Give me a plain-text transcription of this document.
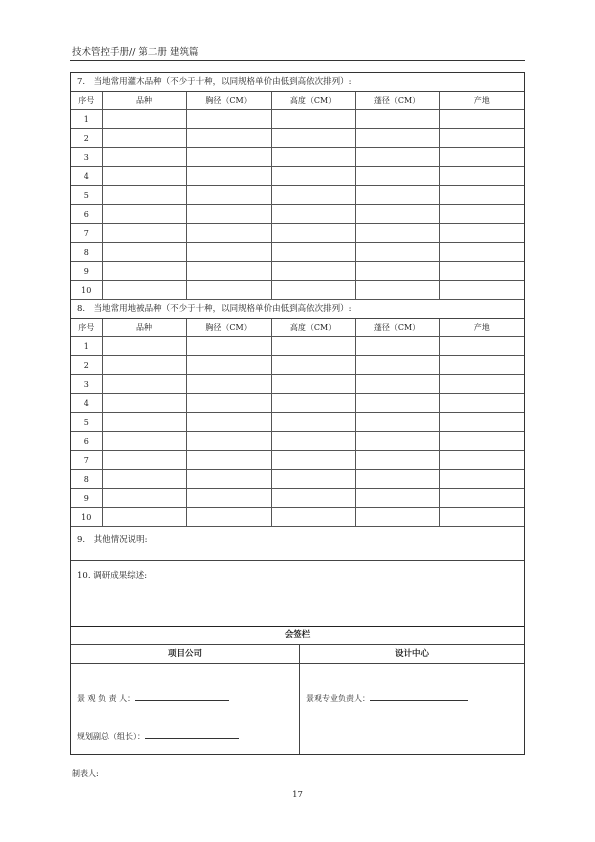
技术管控手册// 第二册 建筑篇
7.　当地常用灌木品种（不少于十种，以同规格单价由低到高依次排列）:
序号	品种	胸径（CM）	高度（CM）	蓬径（CM）	产地
1					
2					
3					
4					
5					
6					
7					
8					
9					
10					
8.　当地常用地被品种（不少于十种，以同规格单价由低到高依次排列）:
序号	品种	胸径（CM）	高度（CM）	蓬径（CM）	产地
1					
2					
3					
4					
5					
6					
7					
8					
9					
10					
9.　其他情况说明:
10. 调研成果综述:
会签栏
项目公司	设计中心
景 观 负 责 人：
规划副总（组长）：
景观专业负责人：
制表人:
17
